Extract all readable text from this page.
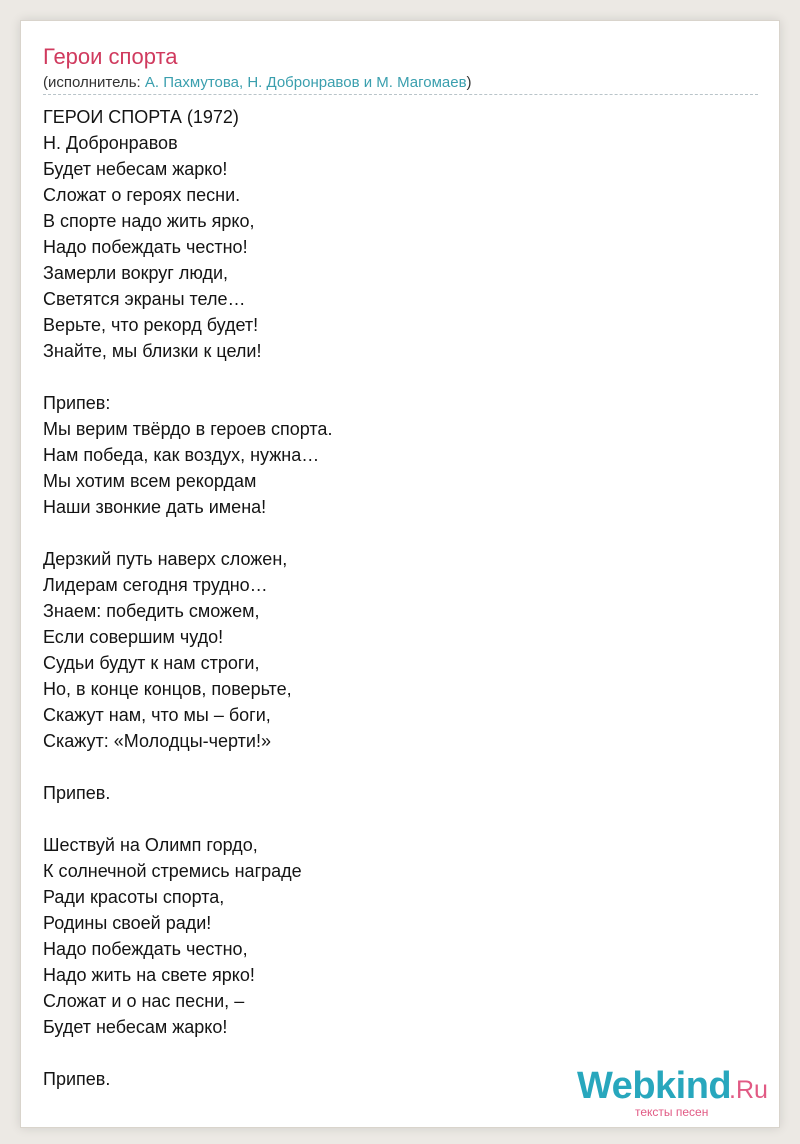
Герои спорта
(исполнитель: А. Пахмутова, Н. Добронравов и М. Магомаев)
ГЕРОИ СПОРТА (1972)
Н. Добронравов
Будет небесам жарко!
Сложат о героях песни.
В спорте надо жить ярко,
Надо побеждать честно!
Замерли вокруг люди,
Светятся экраны теле…
Верьте, что рекорд будет!
Знайте, мы близки к цели!
Припев:
Мы верим твёрдо в героев спорта.
Нам победа, как воздух, нужна…
Мы хотим всем рекордам
Наши звонкие дать имена!
Дерзкий путь наверх сложен,
Лидерам сегодня трудно…
Знаем: победить сможем,
Если совершим чудо!
Судьи будут к нам строги,
Но, в конце концов, поверьте,
Скажут нам, что мы – боги,
Скажут: «Молодцы-черти!»
Припев.
Шествуй на Олимп гордо,
К солнечной стремись награде
Ради красоты спорта,
Родины своей ради!
Надо побеждать честно,
Надо жить на свете ярко!
Сложат и о нас песни, –
Будет небесам жарко!
Припев.	Webkind
.Ru
тексты песен
